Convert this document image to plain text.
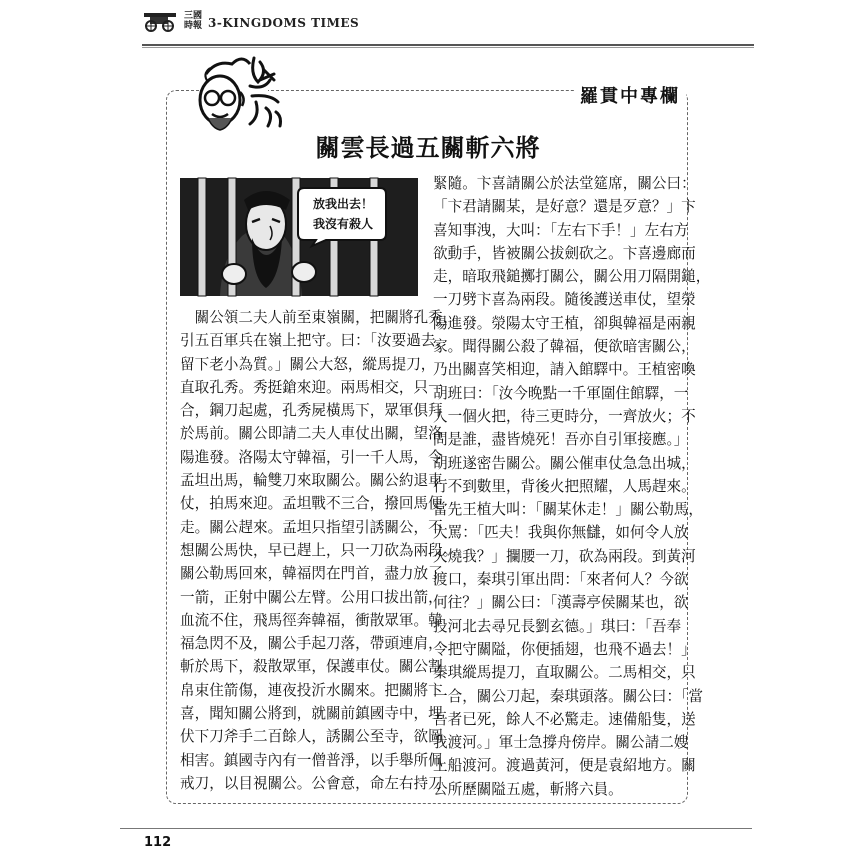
三國時報 3-KINGDOMS TIMES
羅貫中專欄
關雲長過五關斬六將
放我出去！
我沒有殺人
　關公領二夫人前至東嶺關，把關將孔秀，
引五百軍兵在嶺上把守。曰：「汝要過去，
留下老小為質。」關公大怒，縱馬提刀，
直取孔秀。秀挺鎗來迎。兩馬相交，只一
合，鋼刀起處，孔秀屍橫馬下，眾軍俱拜
於馬前。關公即請二夫人車仗出關，望洛
陽進發。洛陽太守韓福，引一千人馬，令
孟坦出馬，輪雙刀來取關公。關公約退車
仗，拍馬來迎。孟坦戰不三合，撥回馬便
走。關公趕來。孟坦只指望引誘關公，不
想關公馬快，早已趕上，只一刀砍為兩段。
關公勒馬回來，韓福閃在門首，盡力放了
一箭，正射中關公左臂。公用口拔出箭，
血流不住，飛馬徑奔韓福，衝散眾軍。韓
福急閃不及，關公手起刀落，帶頭連肩，
斬於馬下，殺散眾軍，保護車仗。關公割
帛束住箭傷，連夜投沂水關來。把關將卞
喜，聞知關公將到，就關前鎮國寺中，埋
伏下刀斧手二百餘人，誘關公至寺，欲圖
相害。鎮國寺內有一僧普淨，以手舉所佩
戒刀，以目視關公。公會意，命左右持刀
緊隨。卞喜請關公於法堂筵席，關公曰：
「卞君請關某，是好意？還是歹意？」卞
喜知事洩，大叫：「左右下手！」左右方
欲動手，皆被關公拔劍砍之。卞喜邊廊而
走，暗取飛鎚擲打關公，關公用刀隔開鎚，
一刀劈卞喜為兩段。隨後護送車仗，望滎
陽進發。滎陽太守王植，卻與韓福是兩親
家。聞得關公殺了韓福，便欲暗害關公，
乃出關喜笑相迎，請入館驛中。王植密喚
胡班曰：「汝今晚點一千軍圍住館驛，一
人一個火把，待三更時分，一齊放火；不
問是誰，盡皆燒死！吾亦自引軍接應。」
胡班遂密告關公。關公催車仗急急出城，
行不到數里，背後火把照耀，人馬趕來。
當先王植大叫：「關某休走！」關公勒馬，
大罵：「匹夫！我與你無讎，如何令人放
火燒我？」攔腰一刀，砍為兩段。到黃河
渡口，秦琪引軍出問：「來者何人？今欲
何往？」關公曰：「漢壽亭侯關某也，欲
投河北去尋兄長劉玄德。」琪曰：「吾奉
令把守關隘，你便插翅，也飛不過去！」
秦琪縱馬提刀，直取關公。二馬相交，只
一合，關公刀起，秦琪頭落。關公曰：「當
吾者已死，餘人不必驚走。速備船隻，送
我渡河。」軍士急撐舟傍岸。關公請二嫂
上船渡河。渡過黃河，便是袁紹地方。關
公所歷關隘五處，斬將六員。
112
